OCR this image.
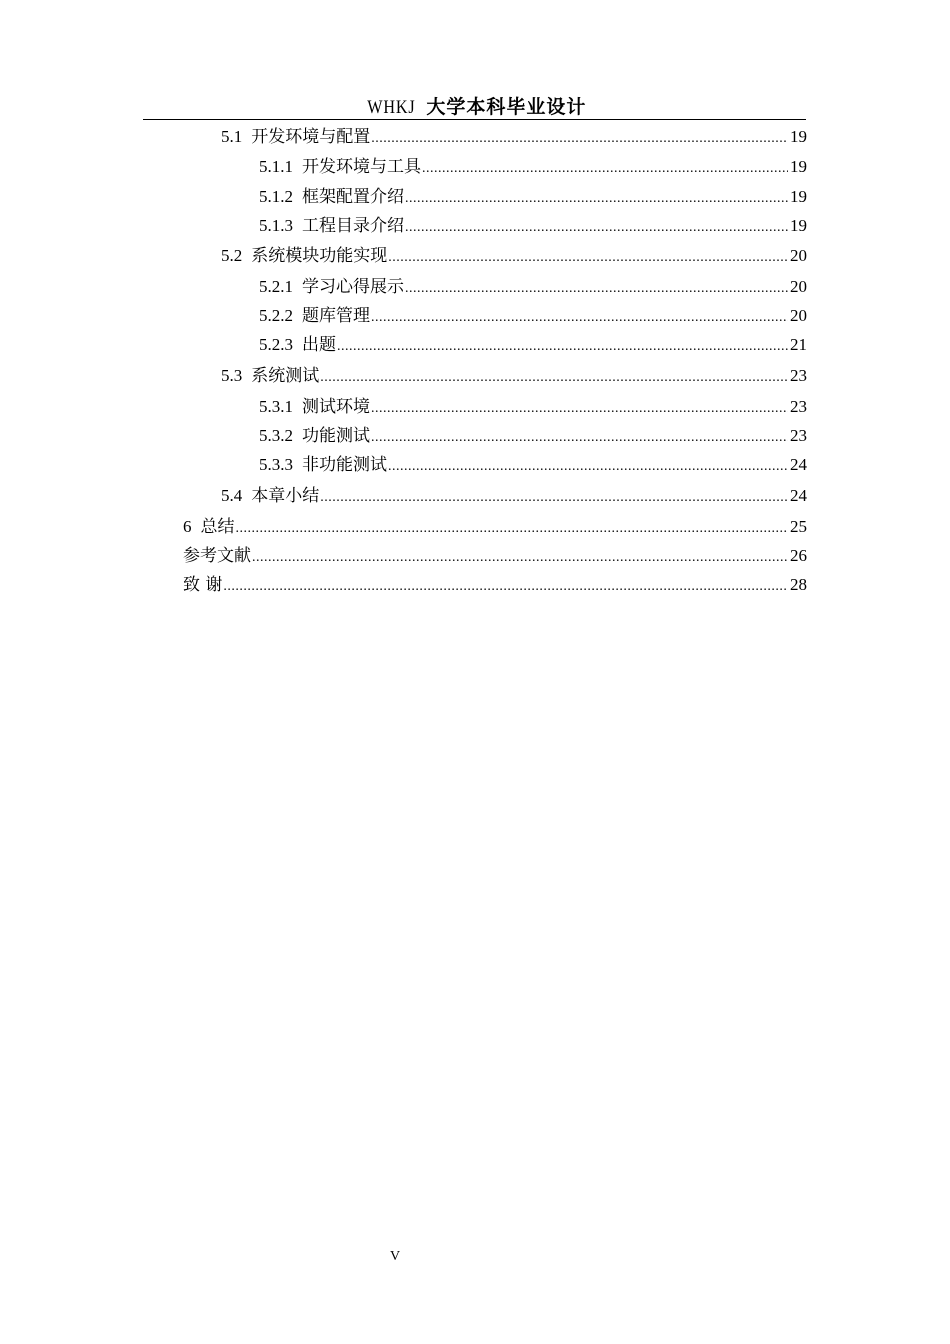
WHKJ 大学本科毕业设计
5.1 开发环境与配置 .....	19
5.1.1 开发环境与工具 .....	19
5.1.2 框架配置介绍 .....	19
5.1.3 工程目录介绍 .....	19
5.2 系统模块功能实现 .....	20
5.2.1 学习心得展示 .....	20
5.2.2 题库管理 .....	20
5.2.3 出题 .....	21
5.3 系统测试 .....	23
5.3.1 测试环境 .....	23
5.3.2 功能测试 .....	23
5.3.3 非功能测试 .....	24
5.4 本章小结 .....	24
6 总结 .....	25
参考文献 .....	26
致 谢 .....	28
V
